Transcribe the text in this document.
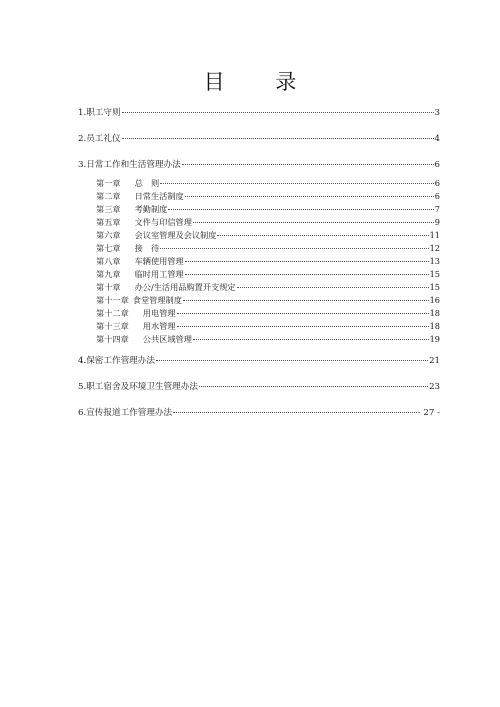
目 录
1.职工守则	3
2.员工礼仪	4
3.日常工作和生活管理办法	6
第一章 总　则	6
第二章 日常生活制度	6
第三章 考勤制度	7
第五章 文件与印信管理	9
第六章 会议室管理及会议制度	11
第七章 接　待	12
第八章 车辆使用管理	13
第九章 临时用工管理	15
第十章 办公/生活用品购置开支规定	15
第十一章 食堂管理制度	16
第十二章 用电管理	18
第十三章 用水管理	18
第十四章 公共区域管理	19
4.保密工作管理办法	21
5.职工宿舍及环境卫生管理办法	23
6.宣传报道工作管理办法	- 27 -
